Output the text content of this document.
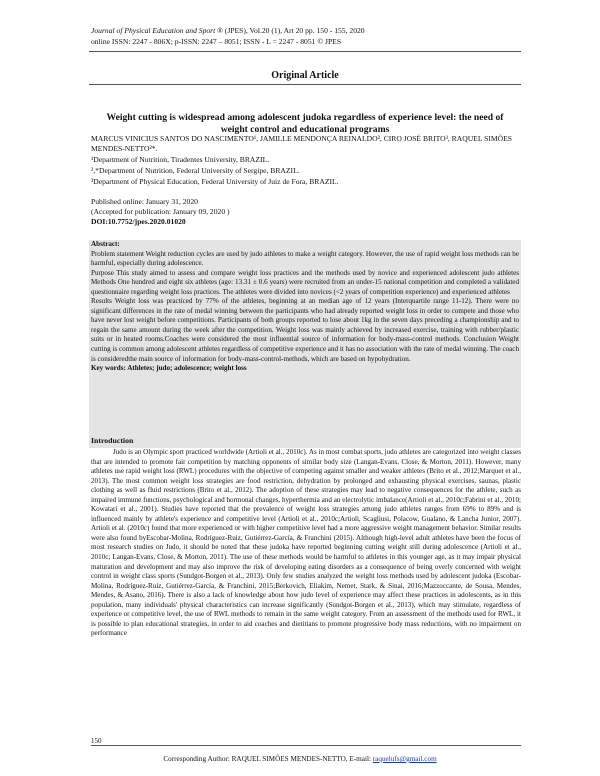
Journal of Physical Education and Sport ® (JPES), Vol.20 (1), Art 20 pp. 150 - 155, 2020
online ISSN: 2247 - 806X; p-ISSN: 2247 – 8051; ISSN - L = 2247 - 8051 © JPES
Original Article
Weight cutting is widespread among adolescent judoka regardless of experience level: the need of weight control and educational programs
MARCUS VINICIUS SANTOS DO NASCIMENTO¹, JAMILLE MENDONÇA REINALDO², CIRO JOSÉ BRITO³, RAQUEL SIMÕES MENDES-NETTO²*.
¹Department of Nutrition, Tiradentes University, BRAZIL.
²,*Department of Nutrition, Federal University of Sergipe, BRAZIL.
³Department of Physical Education, Federal University of Juiz de Fora, BRAZIL.
Published online: January 31, 2020
(Accepted for publication: January 09, 2020 )
DOI:10.7752/jpes.2020.01020
Abstract:
Problem statement Weight reduction cycles are used by judo athletes to make a weight category. However, the use of rapid weight loss methods can be harmful, especially during adolescence.
Purpose This study aimed to assess and compare weight loss practices and the methods used by novice and experienced adolescent judo athletes Methods One hundred and eight six athletes (age: 13.31 ± 0.6 years) were recruited from an under-15 national competition and completed a validated questionnaire regarding weight loss practices. The athletes were divided into novices (<2 years of competition experience) and experienced athletes
Results Weight loss was practiced by 77% of the athletes, beginning at an median age of 12 years (Interquartile range 11-12). There were no significant differences in the rate of medal winning between the participants who had already reported weight loss in order to compete and those who have never lost weight before competitions. Participants of both groups reported to lose about 1kg in the seven days preceding a championship and to regain the same amount during the week after the competition. Weight loss was mainly achieved by increased exercise, training with rubber/plastic suits or in heated rooms.Coaches were considered the most influential source of information for body-mass-control methods. Conclusion Weight cutting is common among adolescent athletes regardless of competitive experience and it has no association with the rate of medal winning. The coach is consideredthe main source of information for body-mass-control-methods, which are based on hypohydration.
Key words: Athletes; judo; adolescence; weight loss
Introduction

Judo is an Olympic sport practiced worldwide (Artioli et al., 2010c). As in most combat sports, judo athletes are categorized into weight classes that are intended to promote fair competition by matching opponents of similar body size (Langan-Evans, Close, & Morton, 2011). However, many athletes use rapid weight loss (RWL) procedures with the objective of competing against smaller and weaker athletes (Brito et al., 2012;Marquet et al., 2013). The most common weight loss strategies are food restriction, dehydration by prolonged and exhausting physical exercises, saunas, plastic clothing as well as fluid restrictions (Brito et al., 2012). The adoption of these strategies may lead to negative consequences for the athlete, such as impaired immune functions, psychological and hormonal changes, hyperthermia and an electrolytic imbalance(Artioli et al., 2010c;Fabrini et al., 2010; Kowatari et al., 2001). Studies have reported that the prevalence of weight loss strategies among judo athletes ranges from 69% to 89% and is influenced mainly by athlete's experience and competitive level (Artioli et al., 2010c;Artioli, Scagliusi, Polacow, Gualano, & Lancha Junior, 2007). Artioli et al. (2010c) found that more experienced or with higher competitive level had a more aggressive weight management behavior. Similar results were also found byEscobar-Molina, Rodríguez-Ruiz, Gutiérrez-García, & Franchini (2015). Although high-level adult athletes have been the focus of most research studies on Judo, it should be noted that these judoka have reported beginning cutting weight still during adolescence (Artioli et al., 2010c; Langan-Evans, Close, & Morton, 2011). The use of these methods would be harmful to athletes in this younger age, as it may impair physical maturation and development and may also improve the risk of developing eating disorders as a consequence of being overly concerned with weight control in weight class sports (Sundgot-Borgen et al., 2013). Only few studies analyzed the weight loss methods used by adolescent judoka (Escobar-Molina, Rodríguez-Ruiz, Gutiérrez-García, & Franchini, 2015;Berkovich, Eliakim, Nemet, Stark, & Sinai, 2016;Mazzoccante, de Sousa, Mendes, Mendes, & Asano, 2016). There is also a lack of knowledge about how judo level of experience may affect these practices in adolescents, as in this population, many individuals' physical characteristics can increase significantly (Sundgot-Borgen et al., 2013), which may stimulate, regardless of experience or competitive level, the use of RWL methods to remain in the same weight category. From an assessment of the methods used for RWL, it is possible to plan educational strategies, in order to aid coaches and dietitians to promote progressive body mass reductions, with no impairment on performance

150
Corresponding Author: RAQUEL SIMÕES MENDES-NETTO, E-mail: raquelufs@gmail.com
